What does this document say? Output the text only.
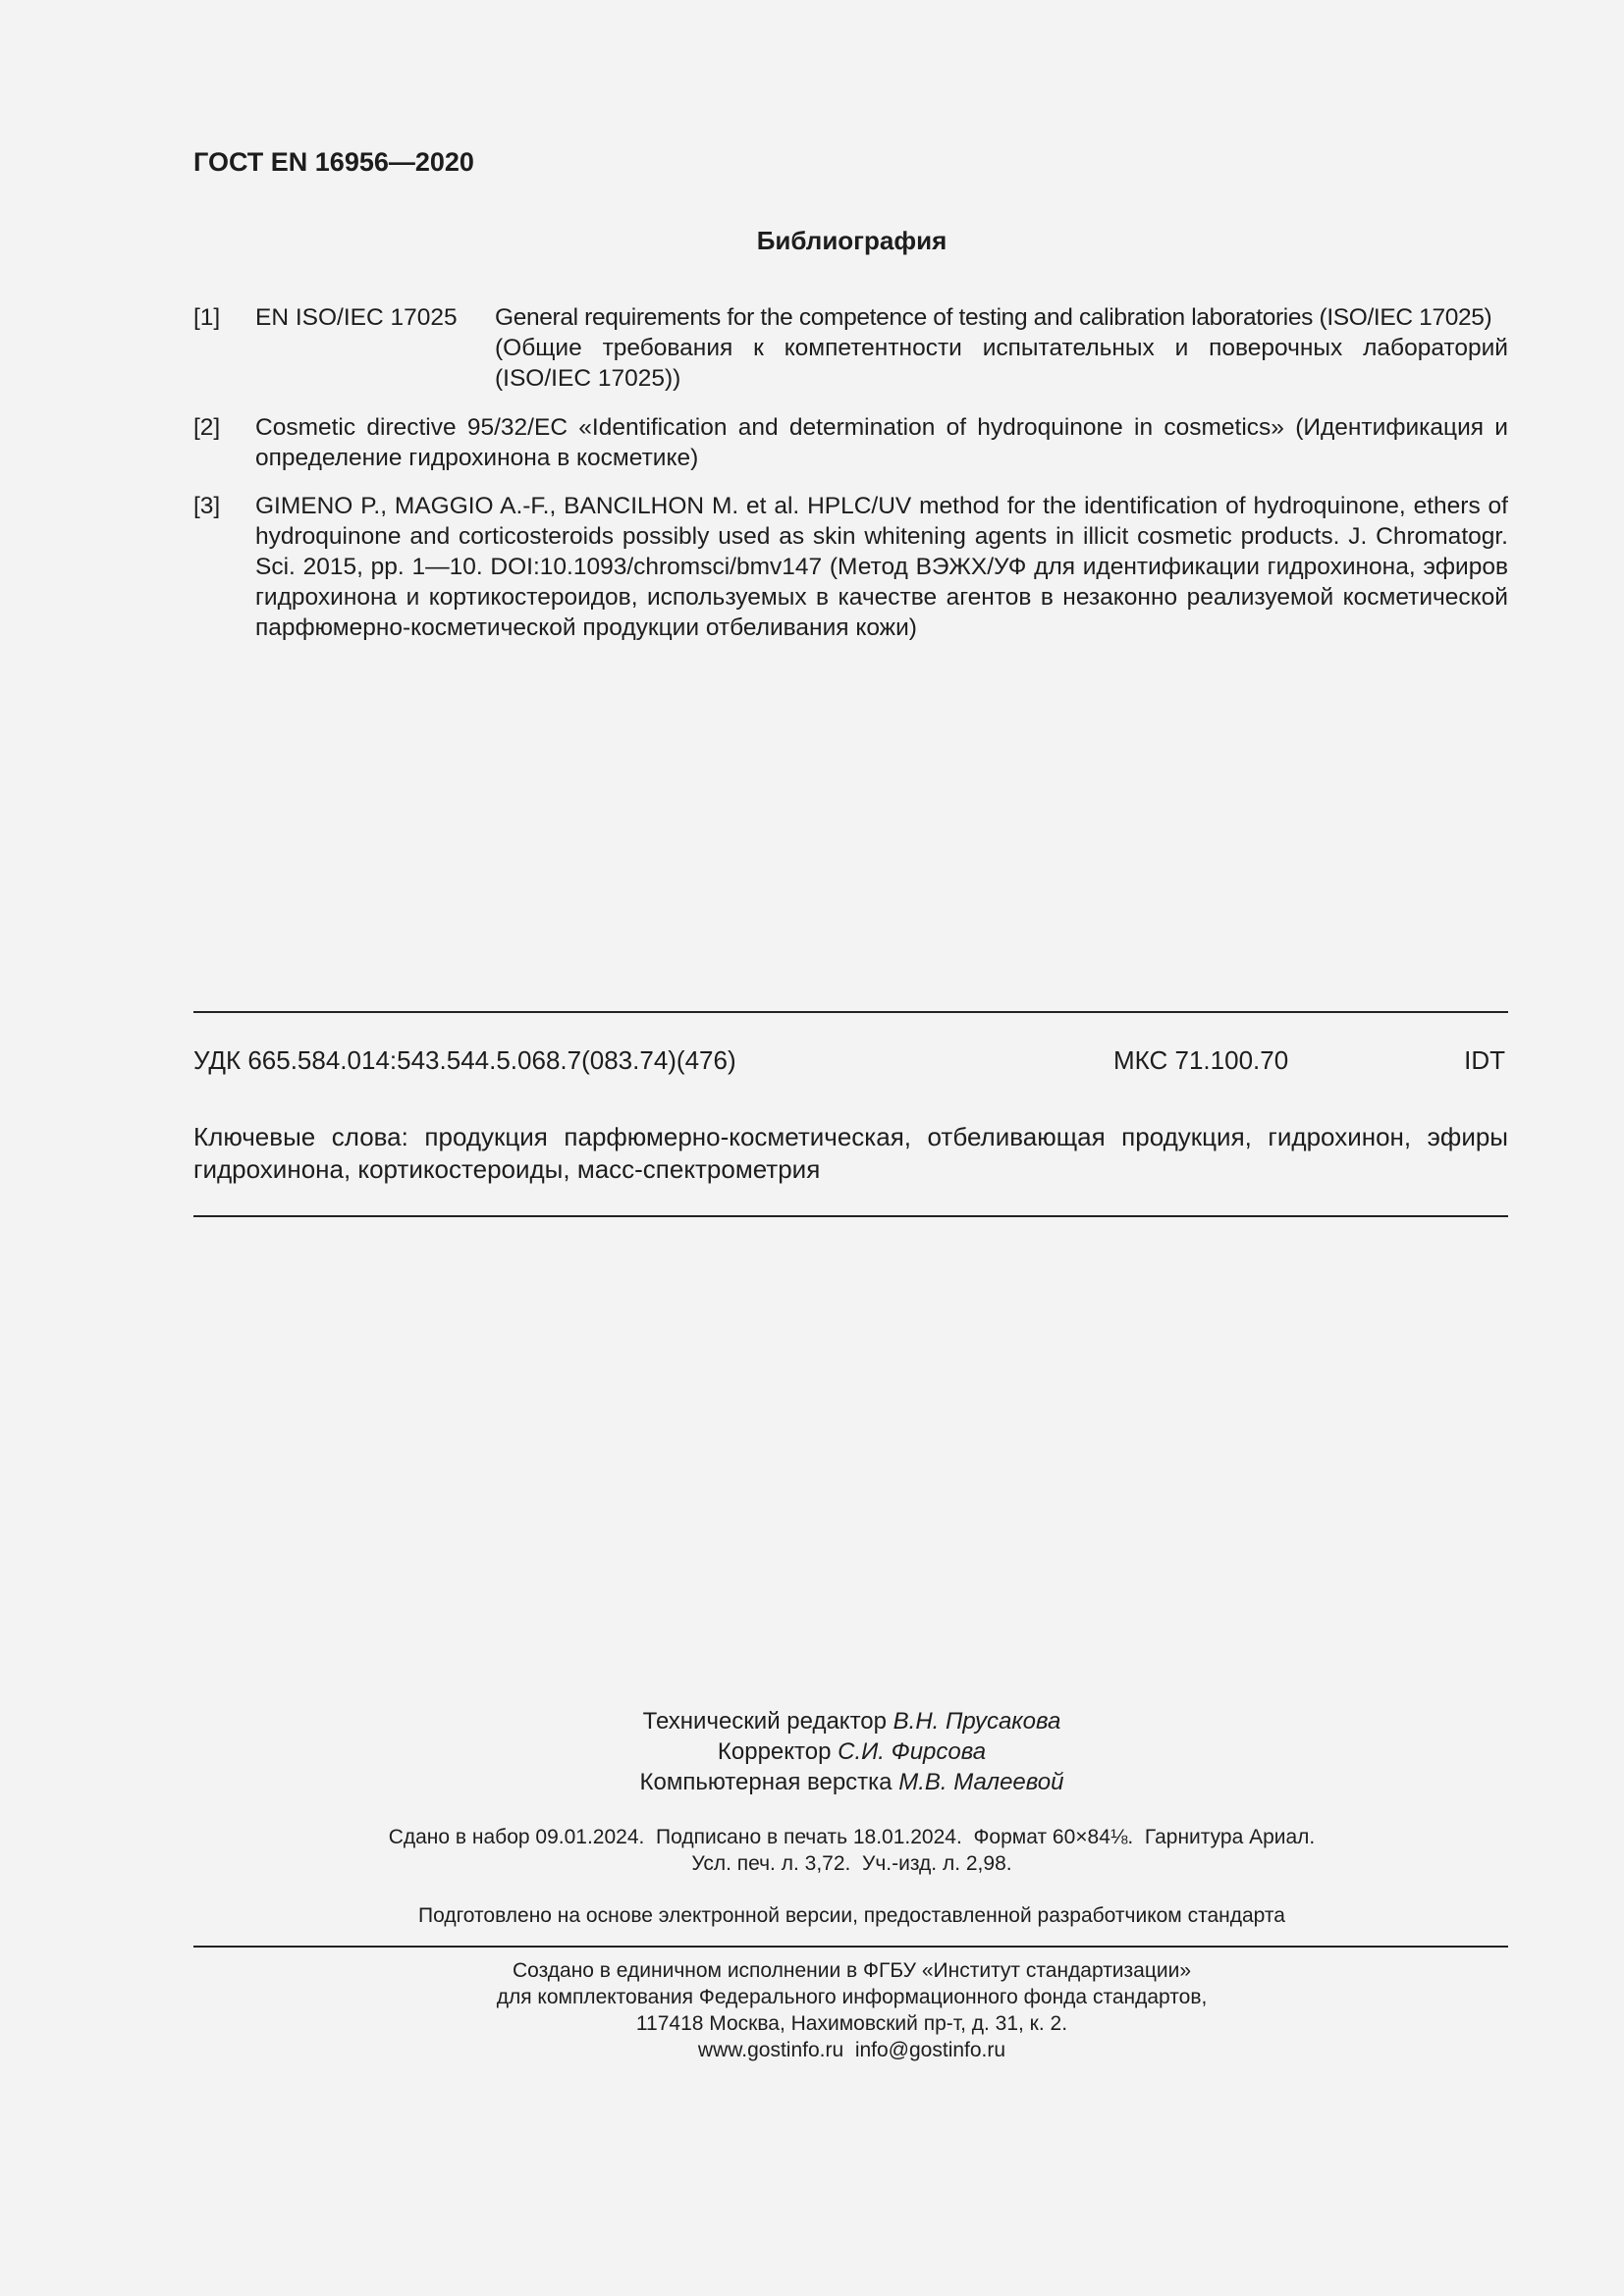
ГОСТ EN 16956—2020
Библиография
[1] EN ISO/IEC 17025 General requirements for the competence of testing and calibration laboratories (ISO/IEC 17025)
(Общие требования к компетентности испытательных и поверочных лабораторий
(ISO/IEC 17025))
[2] Cosmetic directive 95/32/EC «Identification and determination of hydroquinone in cosmetics» (Идентификация и определение гидрохинона в косметике)
[3] GIMENO P., MAGGIO A.-F., BANCILHON M. et al. HPLC/UV method for the identification of hydroquinone, ethers of hydroquinone and corticosteroids possibly used as skin whitening agents in illicit cosmetic products. J. Chromatogr. Sci. 2015, pp. 1—10. DOI:10.1093/chromsci/bmv147 (Метод ВЭЖХ/УФ для идентификации гидрохинона, эфиров гидрохинона и кортикостероидов, используемых в качестве агентов в незаконно реализуемой косметической парфюмерно-косметической продукции отбеливания кожи)
УДК 665.584.014:543.544.5.068.7(083.74)(476)	МКС 71.100.70	IDT
Ключевые слова: продукция парфюмерно-косметическая, отбеливающая продукция, гидрохинон, эфиры гидрохинона, кортикостероиды, масс-спектрометрия
Технический редактор В.Н. Прусакова
Корректор С.И. Фирсова
Компьютерная верстка М.В. Малеевой
Сдано в набор 09.01.2024.  Подписано в печать 18.01.2024.  Формат 60×84⅛.  Гарнитура Ариал.
Усл. печ. л. 3,72.  Уч.-изд. л. 2,98.
Подготовлено на основе электронной версии, предоставленной разработчиком стандарта
Создано в единичном исполнении в ФГБУ «Институт стандартизации»
для комплектования Федерального информационного фонда стандартов,
117418 Москва, Нахимовский пр-т, д. 31, к. 2.
www.gostinfo.ru  info@gostinfo.ru
